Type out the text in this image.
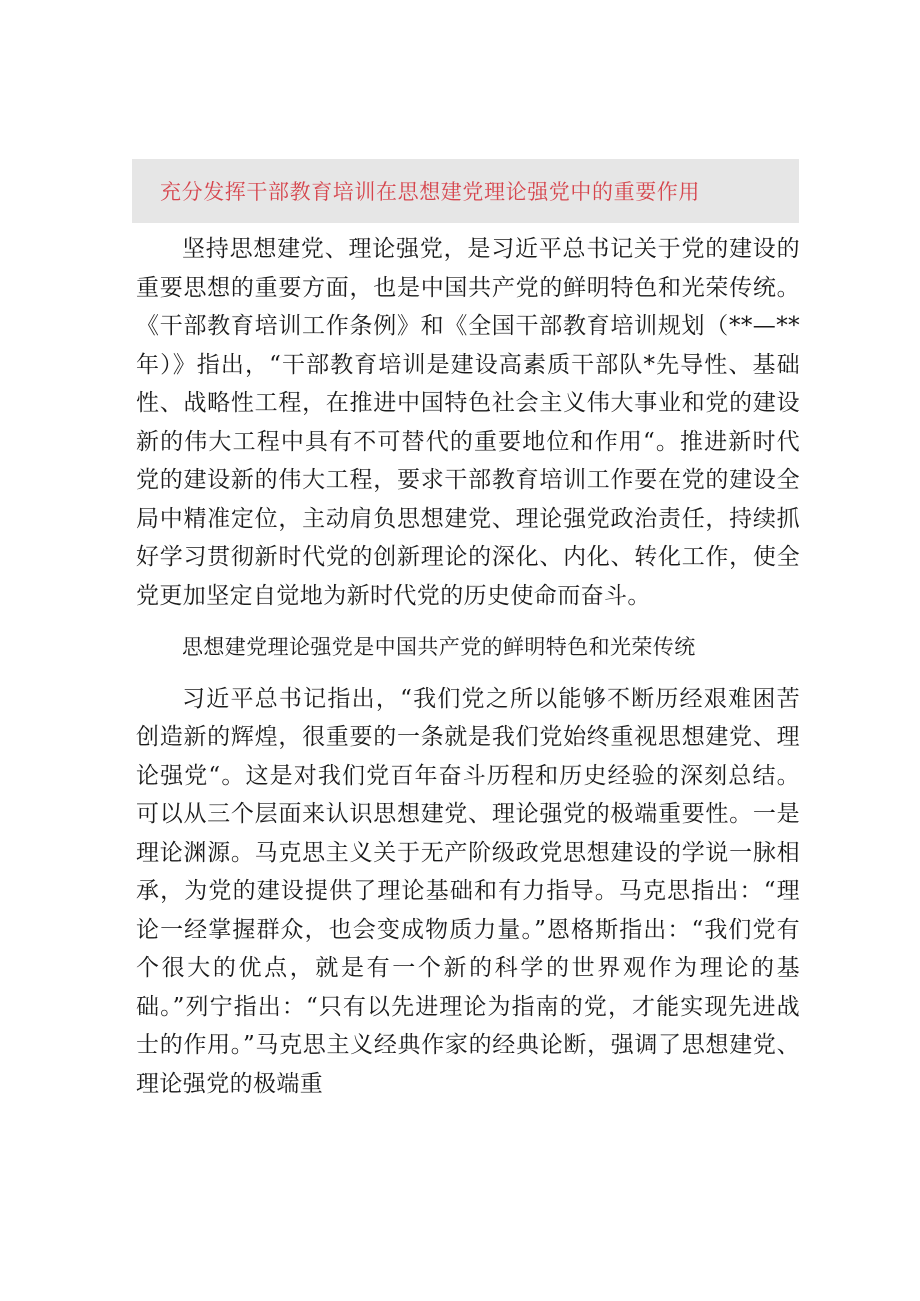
充分发挥干部教育培训在思想建党理论强党中的重要作用

坚持思想建党、理论强党，是习近平总书记关于党的建设的重要思想的重要方面，也是中国共产党的鲜明特色和光荣传统。《干部教育培训工作条例》和《全国干部教育培训规划（**—**年）》指出，“干部教育培训是建设高素质干部队*先导性、基础性、战略性工程，在推进中国特色社会主义伟大事业和党的建设新的伟大工程中具有不可替代的重要地位和作用“。推进新时代党的建设新的伟大工程，要求干部教育培训工作要在党的建设全局中精准定位，主动肩负思想建党、理论强党政治责任，持续抓好学习贯彻新时代党的创新理论的深化、内化、转化工作，使全党更加坚定自觉地为新时代党的历史使命而奋斗。

思想建党理论强党是中国共产党的鲜明特色和光荣传统

习近平总书记指出，“我们党之所以能够不断历经艰难困苦创造新的辉煌，很重要的一条就是我们党始终重视思想建党、理论强党“。这是对我们党百年奋斗历程和历史经验的深刻总结。可以从三个层面来认识思想建党、理论强党的极端重要性。一是理论渊源。马克思主义关于无产阶级政党思想建设的学说一脉相承，为党的建设提供了理论基础和有力指导。马克思指出：“理论一经掌握群众，也会变成物质力量。”恩格斯指出：“我们党有个很大的优点，就是有一个新的科学的世界观作为理论的基础。”列宁指出：“只有以先进理论为指南的党，才能实现先进战士的作用。”马克思主义经典作家的经典论断，强调了思想建党、理论强党的极端重
